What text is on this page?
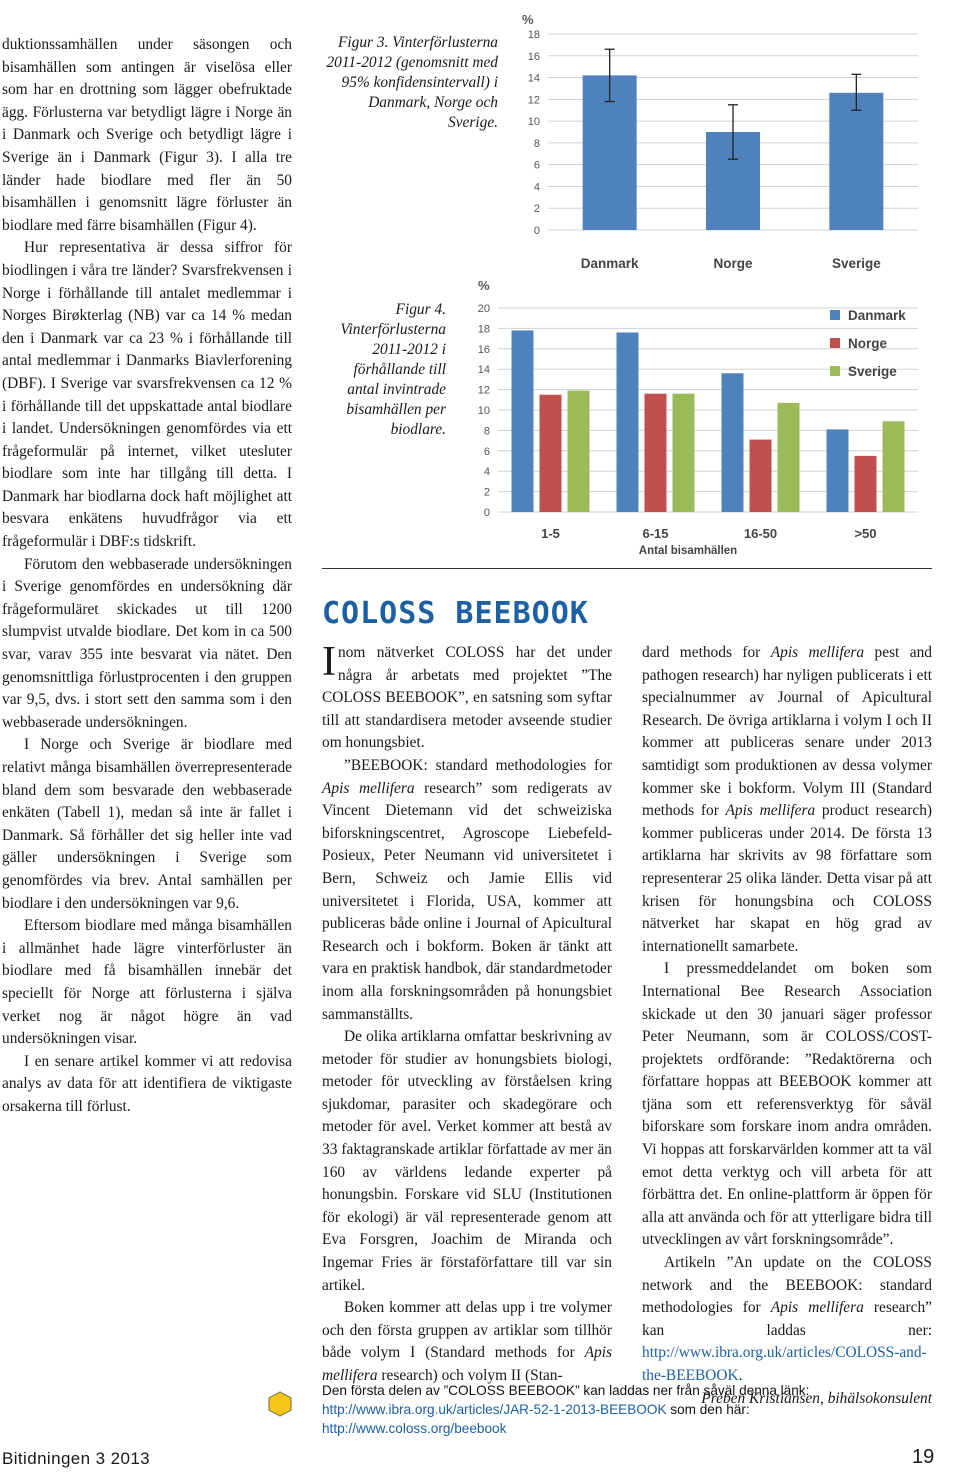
duktionssamhällen under säsongen och bisamhällen som antingen är viselösa eller som har en drottning som lägger obefruktade ägg. Förlusterna var betydligt lägre i Norge än i Danmark och Sverige och betydligt lägre i Sverige än i Danmark (Figur 3). I alla tre länder hade biodlare med fler än 50 bisamhällen i genomsnitt lägre förluster än biodlare med färre bisamhällen (Figur 4).

Hur representativa är dessa siffror för biodlingen i våra tre länder? Svarsfrekvensen i Norge i förhållande till antalet medlemmar i Norges Birøkterlag (NB) var ca 14 % medan den i Danmark var ca 23 % i förhållande till antal medlemmar i Danmarks Biavlerforening (DBF). I Sverige var svarsfrekvensen ca 12 % i förhållande till det uppskattade antal biodlare i landet. Undersökningen genomfördes via ett frågeformulär på internet, vilket utesluter biodlare som inte har tillgång till detta. I Danmark har biodlarna dock haft möjlighet att besvara enkätens huvudfrågor via ett frågeformulär i DBF:s tidskrift.

Förutom den webbaserade undersökningen i Sverige genomfördes en undersökning där frågeformuläret skickades ut till 1200 slumpvist utvalde biodlare. Det kom in ca 500 svar, varav 355 inte besvarat via nätet. Den genomsnittliga förlustprocenten i den gruppen var 9,5, dvs. i stort sett den samma som i den webbaserade undersökningen.

I Norge och Sverige är biodlare med relativt många bisamhällen överrepresenterade bland dem som besvarade den webbaserade enkäten (Tabell 1), medan så inte är fallet i Danmark. Så förhåller det sig heller inte vad gäller undersökningen i Sverige som genomfördes via brev. Antal samhällen per biodlare i den undersökningen var 9,6.

Eftersom biodlare med många bisamhällen i allmänhet hade lägre vinterförluster än biodlare med få bisamhällen innebär det speciellt för Norge att förlusterna i själva verket nog är något högre än vad undersökningen visar.

I en senare artikel kommer vi att redovisa analys av data för att identifiera de viktigaste orsakerna till förlust.

Figur 3. Vinterförlusterna 2011-2012 (genomsnitt med 95% konfidensintervall) i Danmark, Norge och Sverige.
Figur 4. Vinterförlusterna 2011-2012 i förhållande till antal invintrade bisamhällen per biodlare.
%
0
2
4
6
8
10
12
14
16
18
Danmark	Norge	Sverige
%
0
2
4
6
8
10
12
14
16
18
20
1-5	6-15	16-50	>50
Antal bisamhällen
Danmark
Norge
Sverige
COLOSS BEEBOOK

Inom nätverket COLOSS har det under några år arbetats med projektet ”The COLOSS BEEBOOK”, en satsning som syftar till att standardisera metoder avseende studier om honungsbiet.

”BEEBOOK: standard methodologies for Apis mellifera research” som redigerats av Vincent Dietemann vid det schweiziska biforskningscentret, Agroscope Liebefeld-Posieux, Peter Neumann vid universitetet i Bern, Schweiz och Jamie Ellis vid universitetet i Florida, USA, kommer att publiceras både online i Journal of Apicultural Research och i bokform. Boken är tänkt att vara en praktisk handbok, där standardmetoder inom alla forskningsområden på honungsbiet sammanställts.

De olika artiklarna omfattar beskrivning av metoder för studier av honungsbiets biologi, metoder för utveckling av förståelsen kring sjukdomar, parasiter och skadegörare och metoder för avel. Verket kommer att bestå av 33 faktagranskade artiklar författade av mer än 160 av världens ledande experter på honungsbin. Forskare vid SLU (Institutionen för ekologi) är väl representerade genom att Eva Forsgren, Joachim de Miranda och Ingemar Fries är förstaförfattare till var sin artikel.

Boken kommer att delas upp i tre volymer och den första gruppen av artiklar som tillhör både volym I (Standard methods for Apis mellifera research) och volym II (Stan-

dard methods for Apis mellifera pest and pathogen research) har nyligen publicerats i ett specialnummer av Journal of Apicultural Research. De övriga artiklarna i volym I och II kommer att publiceras senare under 2013 samtidigt som produktionen av dessa volymer kommer ske i bokform. Volym III (Standard methods for Apis mellifera product research) kommer publiceras under 2014. De första 13 artiklarna har skrivits av 98 författare som representerar 25 olika länder. Detta visar på att krisen för honungsbina och COLOSS nätverket har skapat en hög grad av internationellt samarbete.

I pressmeddelandet om boken som International Bee Research Association skickade ut den 30 januari säger professor Peter Neumann, som är COLOSS/COST-projektets ordförande: ”Redaktörerna och författare hoppas att BEEBOOK kommer att tjäna som ett referensverktyg för såväl biforskare som forskare inom andra områden. Vi hoppas att forskarvärlden kommer att ta väl emot detta verktyg och vill arbeta för att förbättra det. En online-plattform är öppen för alla att använda och för att ytterligare bidra till utvecklingen av vårt forskningsområde”.

Artikeln ”An update on the COLOSS network and the BEEBOOK: standard methodologies for Apis mellifera research” kan laddas ner: http://www.ibra.org.uk/articles/COLOSS-and-the-BEEBOOK.

Preben Kristiansen, bihälsokonsulent
Den första delen av ”COLOSS BEEBOOK” kan laddas ner från såväl denna länk: http://www.ibra.org.uk/articles/JAR-52-1-2013-BEEBOOK som den här: http://www.coloss.org/beebook
Bitidningen 3 2013	19
